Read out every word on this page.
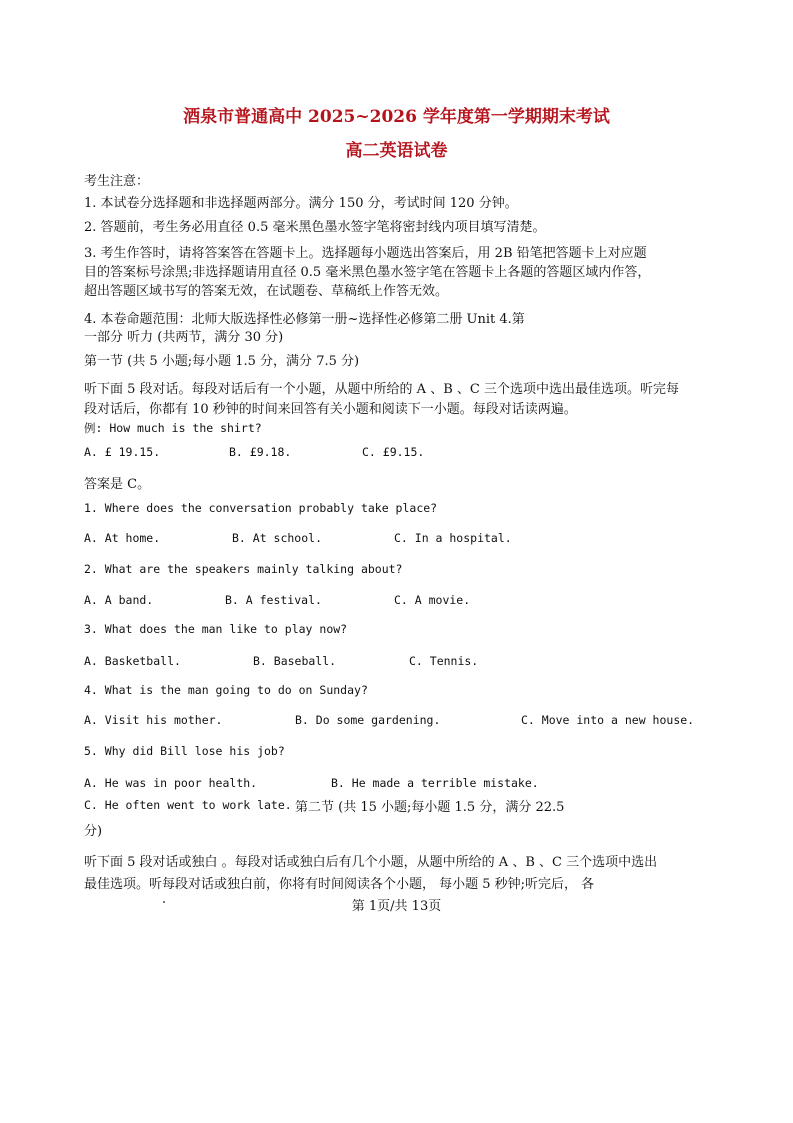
酒泉市普通高中 2025~2026 学年度第一学期期末考试
高二英语试卷
考生注意：
1. 本试卷分选择题和非选择题两部分。满分 150 分，考试时间 120 分钟。
2. 答题前，考生务必用直径 0.5 毫米黑色墨水签字笔将密封线内项目填写清楚。
3. 考生作答时，请将答案答在答题卡上。选择题每小题选出答案后，用 2B 铅笔把答题卡上对应题
目的答案标号涂黑;非选择题请用直径 0.5 毫米黑色墨水签字笔在答题卡上各题的答题区域内作答，
超出答题区域书写的答案无效，在试题卷、草稿纸上作答无效。
4. 本卷命题范围：北师大版选择性必修第一册~选择性必修第二册 Unit 4.第
一部分 听力 (共两节，满分 30 分)
第一节 (共 5 小题;每小题 1.5 分，满分 7.5 分)
听下面 5 段对话。每段对话后有一个小题，从题中所给的 A 、B 、C 三个选项中选出最佳选项。听完每
段对话后，你都有 10 秒钟的时间来回答有关小题和阅读下一小题。每段对话读两遍。
例: How much is the shirt?
A. £ 19.15.	B. £9.18.	C. £9.15.
答案是 C。
1. Where does the conversation probably take place?
A. At home.	B. At school.	C. In a hospital.
2. What are the speakers mainly talking about?
A. A band.	B. A festival.	C. A movie.
3. What does the man like to play now?
A. Basketball.	B. Baseball.	C. Tennis.
4. What is the man going to do on Sunday?
A. Visit his mother.	B. Do some gardening.	C. Move into a new house.
5. Why did Bill lose his job?
A. He was in poor health.	B. He made a terrible mistake.
C. He often went to work late. 第二节 (共 15 小题;每小题 1.5 分，满分 22.5
分)
听下面 5 段对话或独白 。每段对话或独白后有几个小题，从题中所给的 A 、B 、C 三个选项中选出
最佳选项。听每段对话或独白前，你将有时间阅读各个小题， 每小题 5 秒钟;听完后， 各
第 1页/共 13页
